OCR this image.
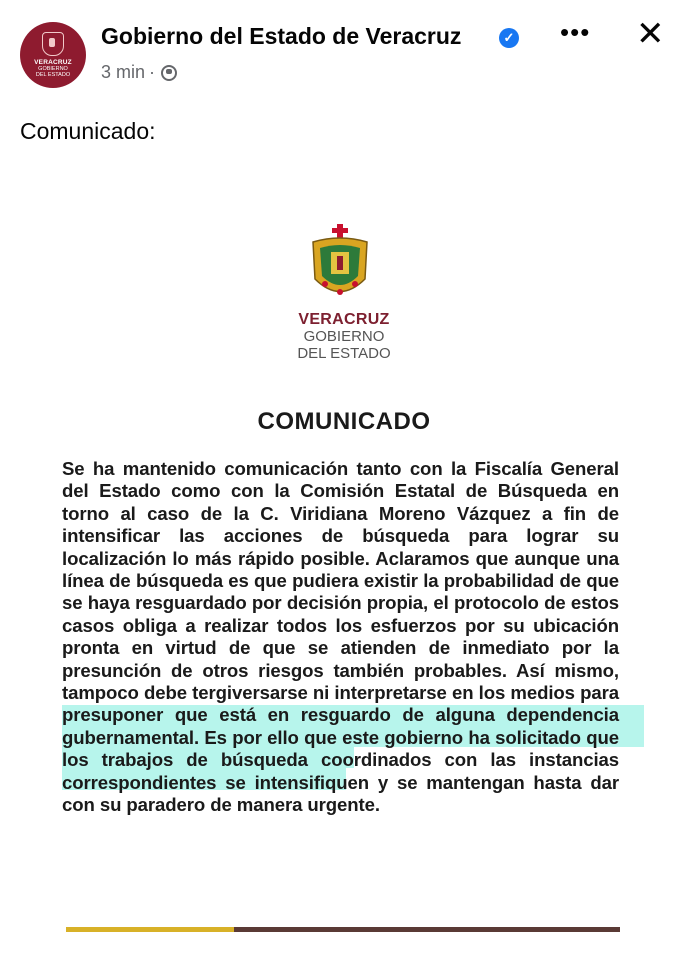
VERACRUZ
GOBIERNO
DEL ESTADO
Gobierno del Estado de Veracruz	✓
3 min ·
••• ✕
Comunicado:
VERACRUZ
GOBIERNO
DEL ESTADO
COMUNICADO
Se ha mantenido comunicación tanto con la Fiscalía General del Estado como con la Comisión Estatal de Búsqueda en torno al caso de la C. Viridiana Moreno Vázquez a fin de intensificar las acciones de búsqueda para lograr su localización lo más rápido posible. Aclaramos que aunque una línea de búsqueda es que pudiera existir la probabilidad de que se haya resguardado por decisión propia, el protocolo de estos casos obliga a realizar todos los esfuerzos por su ubicación pronta en virtud de que se atienden de inmediato por la presunción de otros riesgos también probables. Así mismo, tampoco debe tergiversarse ni interpretarse en los medios para presuponer que está en resguardo de alguna dependencia gubernamental. Es por ello que este gobierno ha solicitado que los trabajos de búsqueda coordinados con las instancias correspondientes se intensifiquen y se mantengan hasta dar con su paradero de manera urgente.
